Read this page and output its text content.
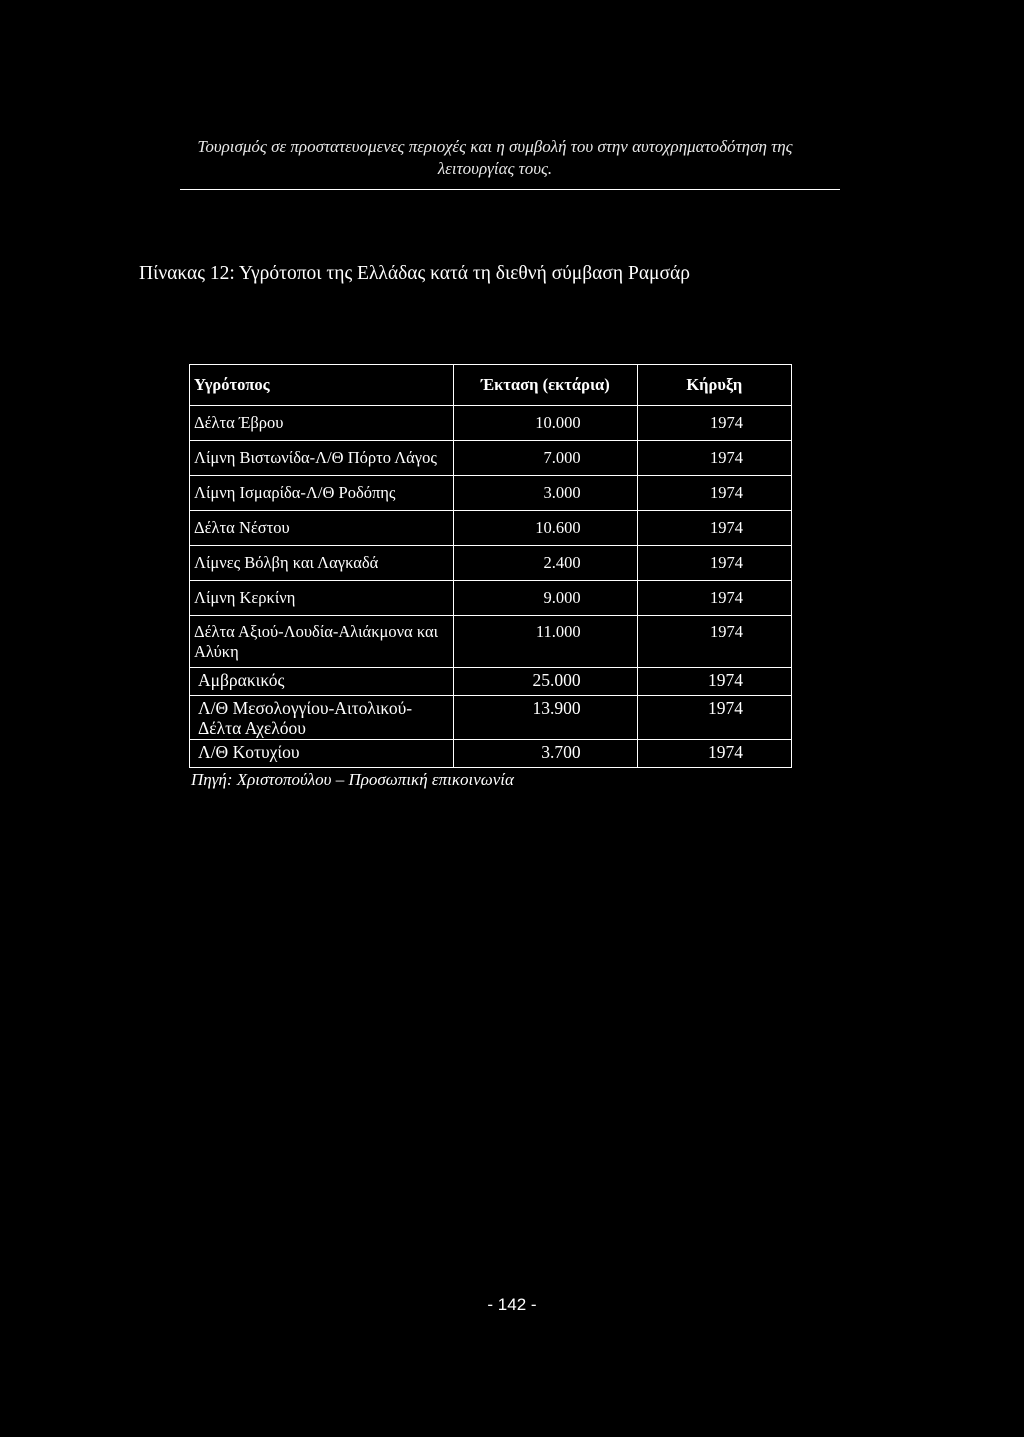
Τουρισμός σε προστατευομενες περιοχές και η συμβολή του στην αυτοχρηματοδότηση της
λειτουργίας τους.
Πίνακας 12: Υγρότοποι της Ελλάδας κατά τη διεθνή σύμβαση Ραμσάρ
Υγρότοπος	Έκταση (εκτάρια)	Κήρυξη
Δέλτα Έβρου	10.000	1974
Λίμνη Βιστωνίδα-Λ/Θ Πόρτο Λάγος	7.000	1974
Λίμνη Ισμαρίδα-Λ/Θ Ροδόπης	3.000	1974
Δέλτα Νέστου	10.600	1974
Λίμνες Βόλβη και Λαγκαδά	2.400	1974
Λίμνη Κερκίνη	9.000	1974
Δέλτα Αξιού-Λουδία-Αλιάκμονα και Αλύκη	11.000	1974
Αμβρακικός	25.000	1974
Λ/Θ Μεσολογγίου-Αιτολικού-Δέλτα Αχελόου	13.900	1974
Λ/Θ Κοτυχίου	3.700	1974
Πηγή: Χριστοπούλου – Προσωπική επικοινωνία
- 142 -
